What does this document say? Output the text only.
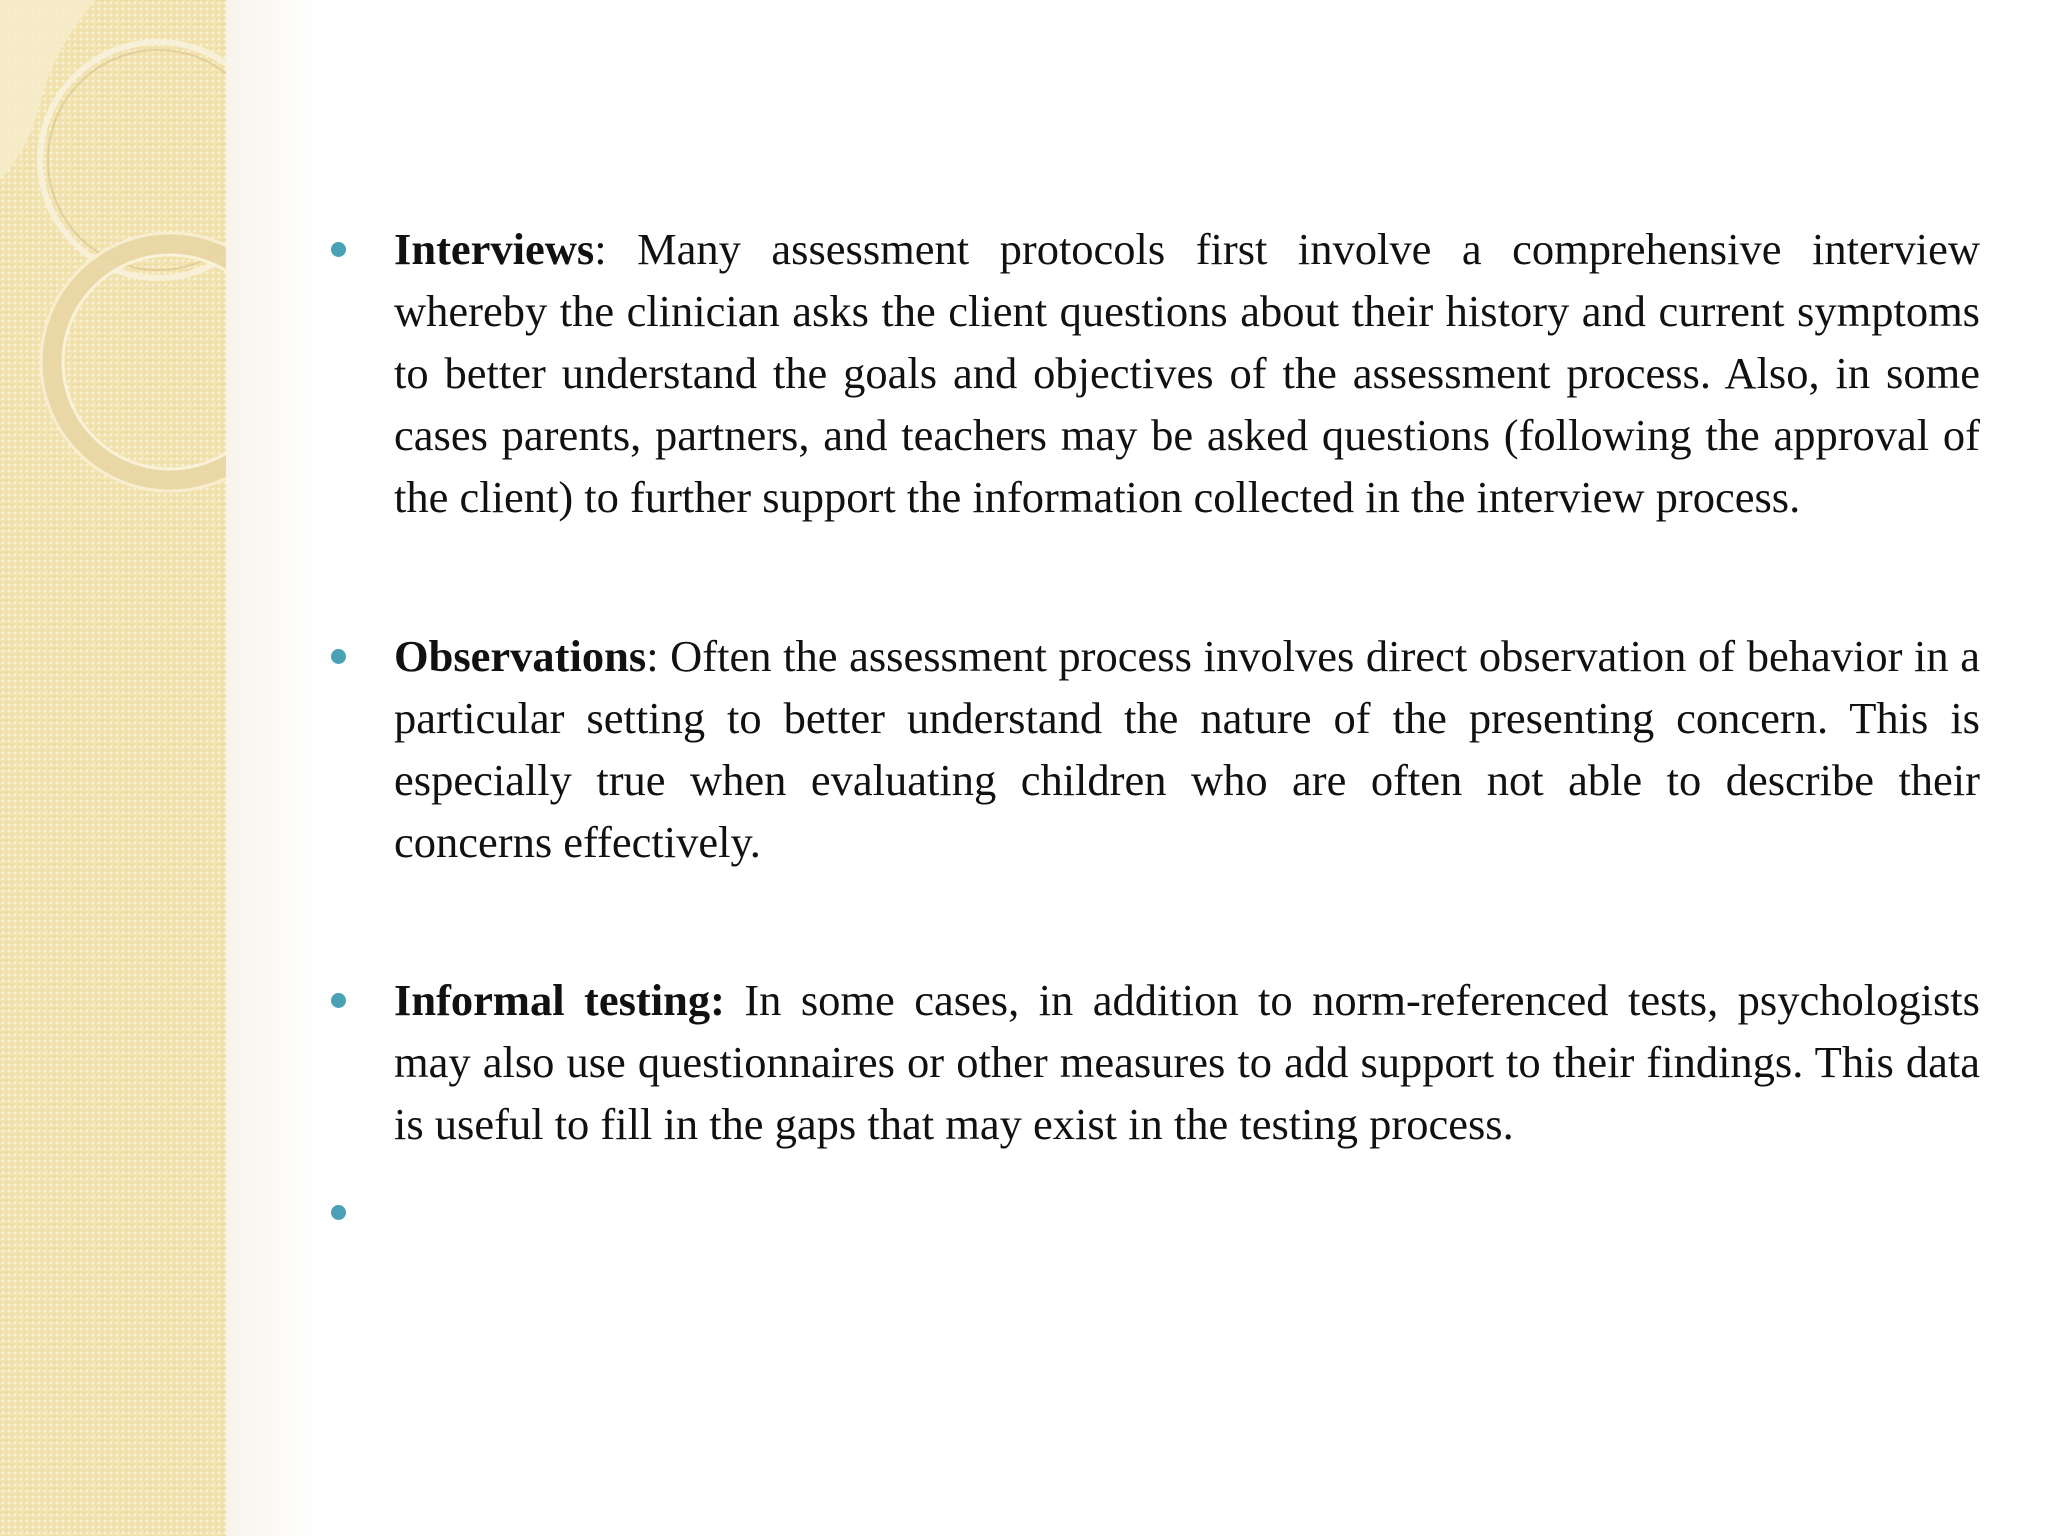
Interviews: Many assessment protocols first involve a comprehensive interview whereby the clinician asks the client questions about their history and current symptoms to better understand the goals and objectives of the assessment process. Also, in some cases parents, partners, and teachers may be asked questions (following the approval of the client) to further support the information collected in the interview process.
Observations: Often the assessment process involves direct observation of behavior in a particular setting to better understand the nature of the presenting concern. This is especially true when evaluating children who are often not able to describe their concerns effectively.
Informal testing: In some cases, in addition to norm-referenced tests, psychologists may also use questionnaires or other measures to add support to their findings. This data is useful to fill in the gaps that may exist in the testing process.
